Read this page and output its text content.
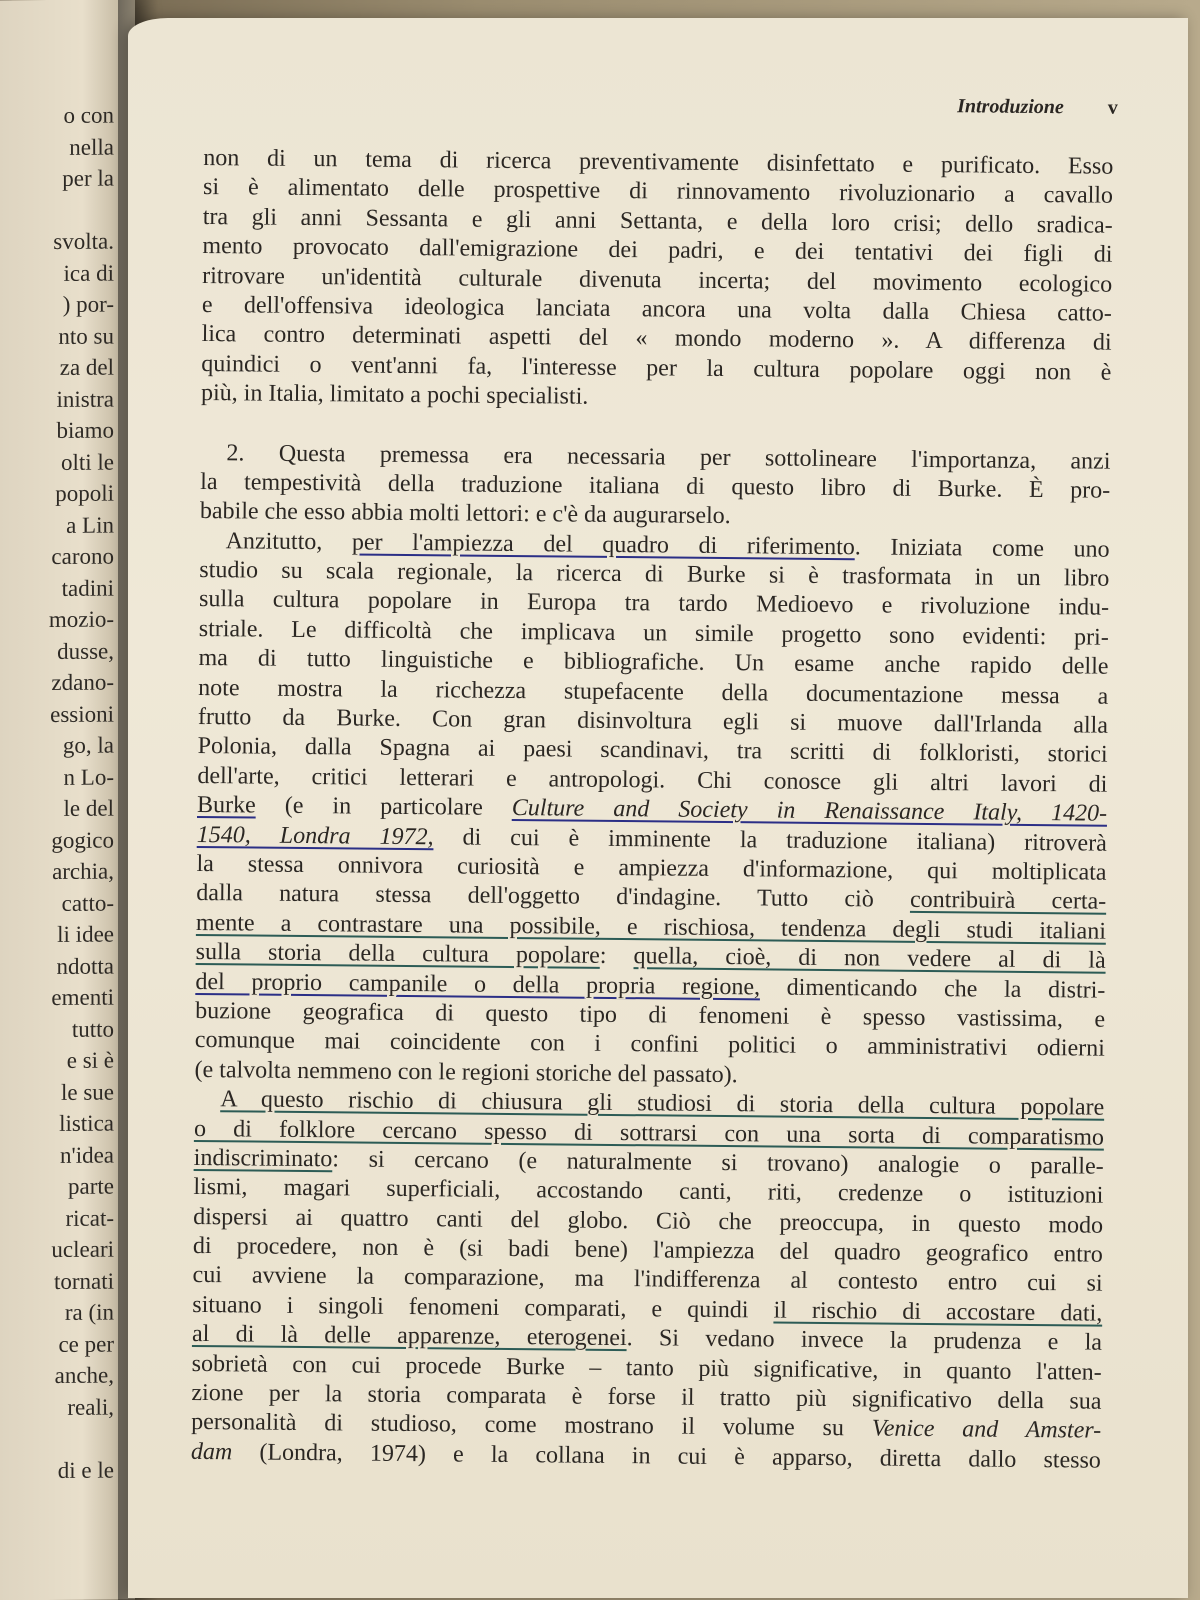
o con
nella
per la
svolta.
ica di
) por-
nto su
za del
inistra
biamo
olti le
popoli
a Lin
carono
tadini
mozio-
dusse,
zdano-
essioni
go, la
n Lo-
le del
gogico
archia,
catto-
li idee
ndotta
ementi
tutto
e si è
le sue
listica
n'idea
parte
ricat-
ucleari
tornati
ra (in
ce per
anche,
reali,
di e le
Introduzione v
non di un tema di ricerca preventivamente disinfettato e purificato. Esso
si è alimentato delle prospettive di rinnovamento rivoluzionario a cavallo
tra gli anni Sessanta e gli anni Settanta, e della loro crisi; dello sradica-
mento provocato dall'emigrazione dei padri, e dei tentativi dei figli di
ritrovare un'identità culturale divenuta incerta; del movimento ecologico
e dell'offensiva ideologica lanciata ancora una volta dalla Chiesa catto-
lica contro determinati aspetti del « mondo moderno ». A differenza di
quindici o vent'anni fa, l'interesse per la cultura popolare oggi non è
più, in Italia, limitato a pochi specialisti.
2. Questa premessa era necessaria per sottolineare l'importanza, anzi
la tempestività della traduzione italiana di questo libro di Burke. È pro-
babile che esso abbia molti lettori: e c'è da augurarselo.
Anzitutto, per l'ampiezza del quadro di riferimento. Iniziata come uno
studio su scala regionale, la ricerca di Burke si è trasformata in un libro
sulla cultura popolare in Europa tra tardo Medioevo e rivoluzione indu-
striale. Le difficoltà che implicava un simile progetto sono evidenti: pri-
ma di tutto linguistiche e bibliografiche. Un esame anche rapido delle
note mostra la ricchezza stupefacente della documentazione messa a
frutto da Burke. Con gran disinvoltura egli si muove dall'Irlanda alla
Polonia, dalla Spagna ai paesi scandinavi, tra scritti di folkloristi, storici
dell'arte, critici letterari e antropologi. Chi conosce gli altri lavori di
Burke (e in particolare Culture and Society in Renaissance Italy, 1420-
1540, Londra 1972, di cui è imminente la traduzione italiana) ritroverà
la stessa onnivora curiosità e ampiezza d'informazione, qui moltiplicata
dalla natura stessa dell'oggetto d'indagine. Tutto ciò contribuirà certa-
mente a contrastare una possibile, e rischiosa, tendenza degli studi italiani
sulla storia della cultura popolare: quella, cioè, di non vedere al di là
del proprio campanile o della propria regione, dimenticando che la distri-
buzione geografica di questo tipo di fenomeni è spesso vastissima, e
comunque mai coincidente con i confini politici o amministrativi odierni
(e talvolta nemmeno con le regioni storiche del passato).
A questo rischio di chiusura gli studiosi di storia della cultura popolare
o di folklore cercano spesso di sottrarsi con una sorta di comparatismo
indiscriminato: si cercano (e naturalmente si trovano) analogie o paralle-
lismi, magari superficiali, accostando canti, riti, credenze o istituzioni
dispersi ai quattro canti del globo. Ciò che preoccupa, in questo modo
di procedere, non è (si badi bene) l'ampiezza del quadro geografico entro
cui avviene la comparazione, ma l'indifferenza al contesto entro cui si
situano i singoli fenomeni comparati, e quindi il rischio di accostare dati,
al di là delle apparenze, eterogenei. Si vedano invece la prudenza e la
sobrietà con cui procede Burke – tanto più significative, in quanto l'atten-
zione per la storia comparata è forse il tratto più significativo della sua
personalità di studioso, come mostrano il volume su Venice and Amster-
dam (Londra, 1974) e la collana in cui è apparso, diretta dallo stesso
